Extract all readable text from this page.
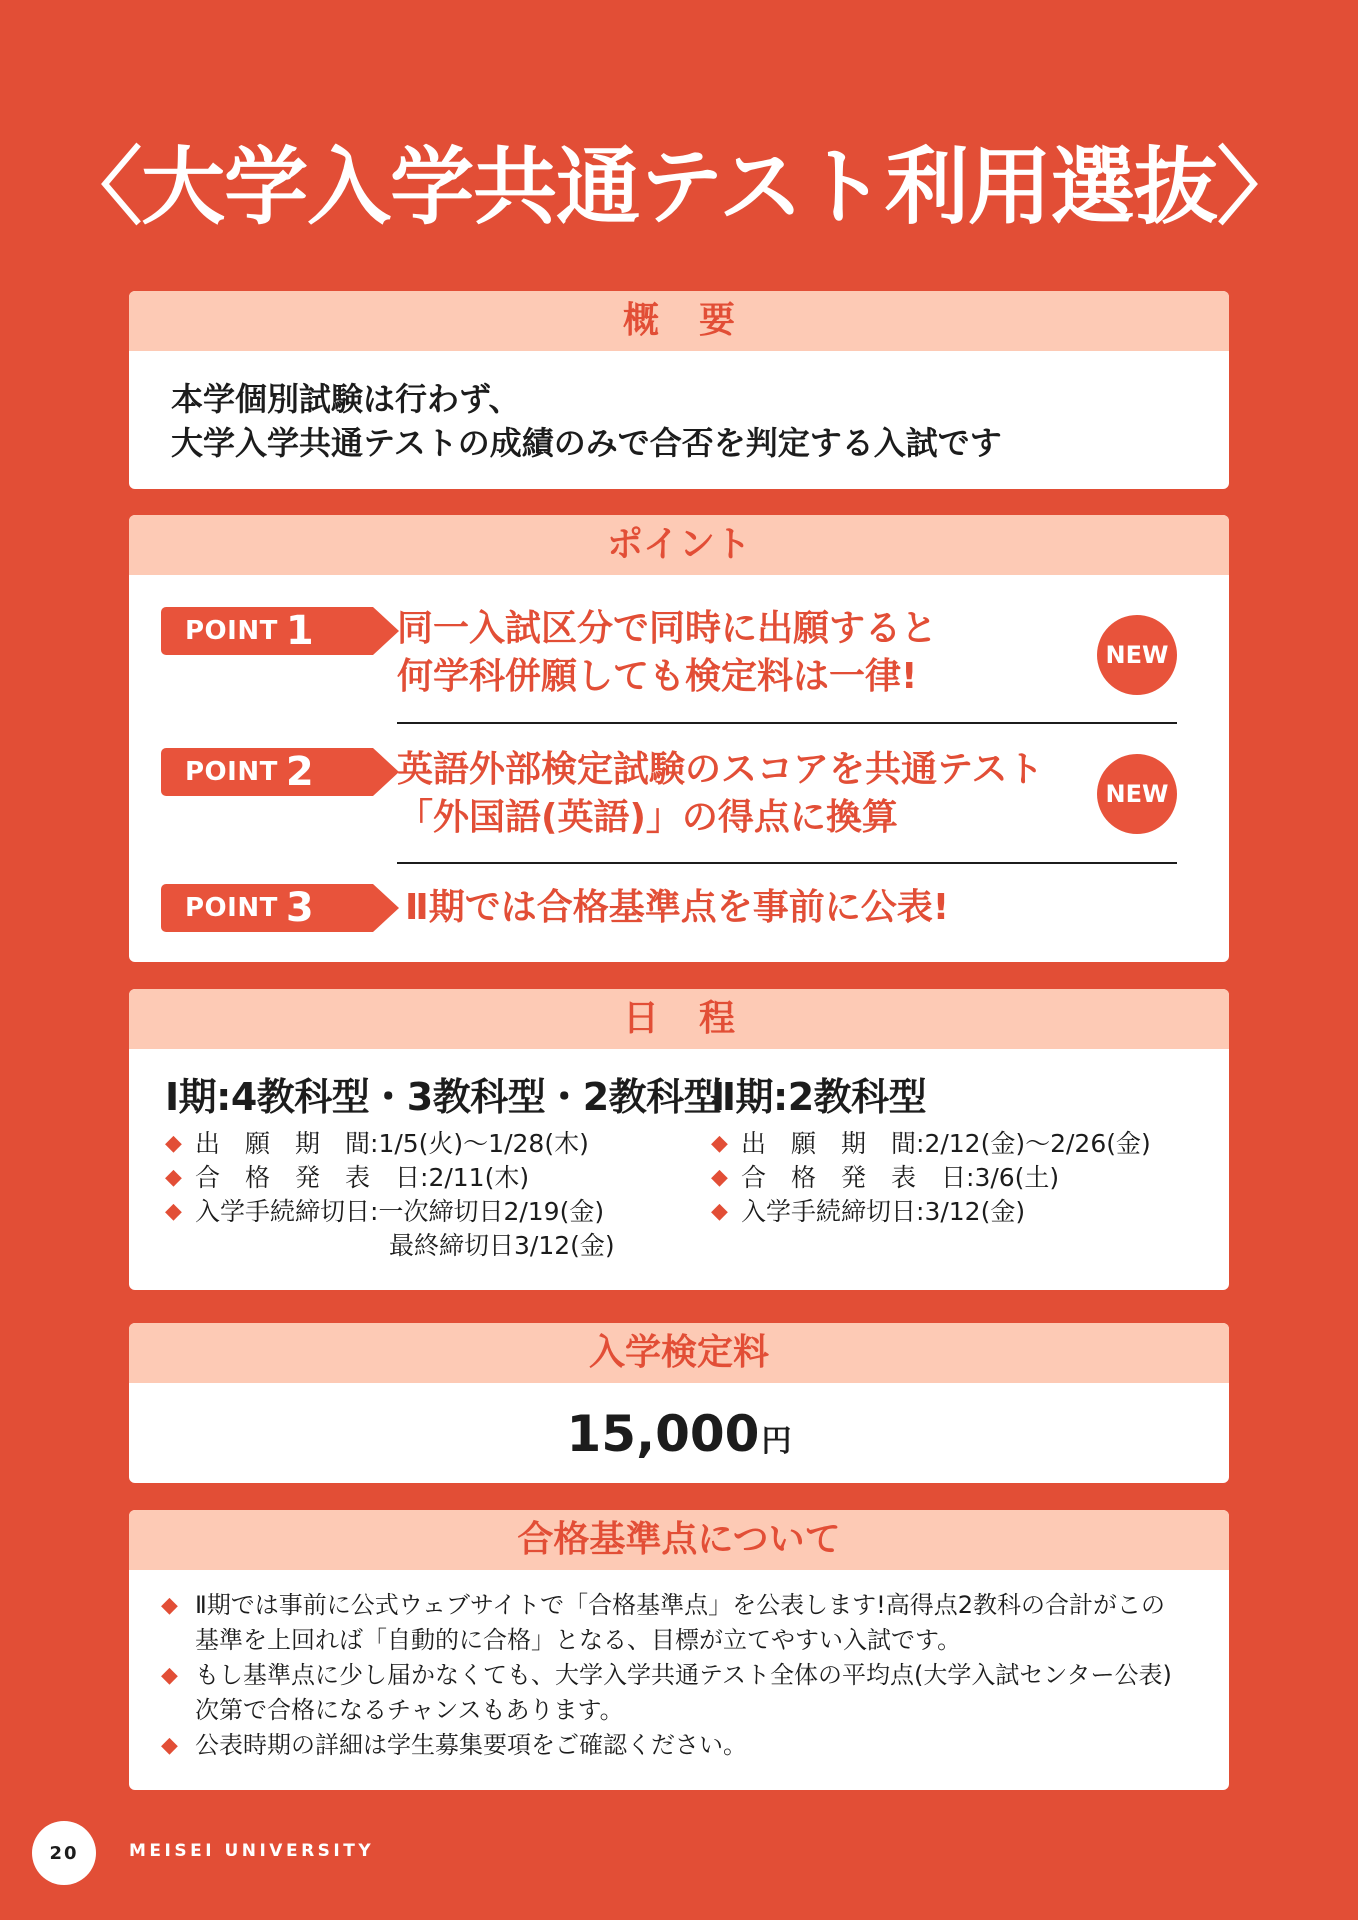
〈大学入学共通テスト利用選抜〉
概要
本学個別試験は行わず、
大学入学共通テストの成績のみで合否を判定する入試です
ポイント
POINT 1 同一入試区分で同時に出願すると
何学科併願しても検定料は一律!
NEW
POINT 2 英語外部検定試験のスコアを共通テスト
「外国語(英語)」の得点に換算
NEW
POINT 3	Ⅱ期では合格基準点を事前に公表!
日程
Ⅰ期:4教科型・3教科型・2教科型
◆ 出　願　期　間: 1/5(火)〜1/28(木)
◆ 合　格　発　表　日: 2/11(木)
◆ 入学手続締切日: 一次締切日2/19(金)
最終締切日3/12(金)
Ⅱ期:2教科型
◆ 出　願　期　間: 2/12(金)〜2/26(金)
◆ 合　格　発　表　日: 3/6(土)
◆ 入学手続締切日: 3/12(金)
入学検定料
15,000円
合格基準点について
◆ Ⅱ期では事前に公式ウェブサイトで「合格基準点」を公表します!高得点2教科の合計がこの基準を上回れば「自動的に合格」となる、目標が立てやすい入試です。
◆ もし基準点に少し届かなくても、大学入学共通テスト全体の平均点(大学入試センター公表)次第で合格になるチャンスもあります。
◆ 公表時期の詳細は学生募集要項をご確認ください。
20	MEISEI UNIVERSITY
